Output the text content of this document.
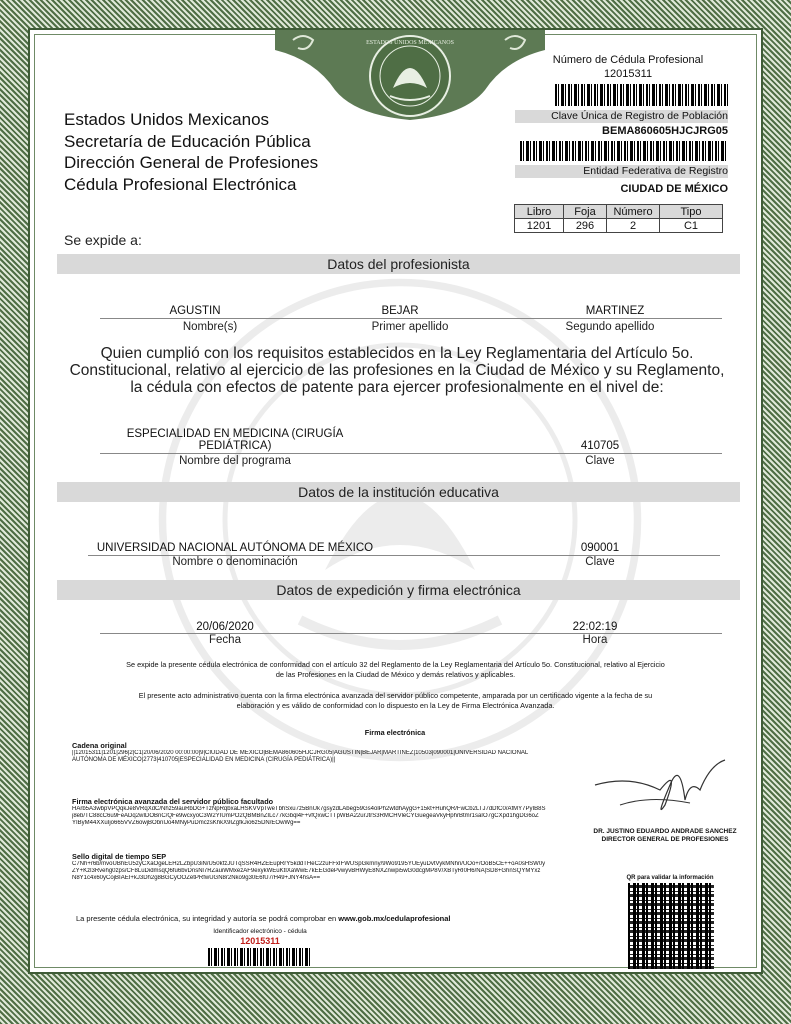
ESTADOS UNIDOS MEXICANOS
Estados Unidos Mexicanos
Secretaría de Educación Pública
Dirección General de Profesiones
Cédula Profesional Electrónica
Se expide a:
Número de Cédula Profesional
12015311
Clave Única de Registro de Población
BEMA860605HJCJRG05
Entidad Federativa de Registro
CIUDAD DE MÉXICO
Libro	Foja	Número	Tipo
1201	296	2	C1
Datos del profesionista
AGUSTIN	BEJAR	MARTINEZ
Nombre(s)	Primer apellido	Segundo apellido
Quien cumplió con los requisitos establecidos en la Ley Reglamentaria del Artículo 5o.
Constitucional, relativo al ejercicio de las profesiones en la Ciudad de México y su Reglamento,
la cédula con efectos de patente para ejercer profesionalmente en el nivel de:
ESPECIALIDAD EN MEDICINA (CIRUGÍA
PEDIÁTRICA)	410705
Nombre del programa	Clave
Datos de la institución educativa
UNIVERSIDAD NACIONAL AUTÓNOMA DE MÉXICO	090001
Nombre o denominación	Clave
Datos de expedición y firma electrónica
20/06/2020	22:02:19
Fecha	Hora
Se expide la presente cédula electrónica de conformidad con el artículo 32 del Reglamento de la Ley Reglamentaria del Artículo 5o. Constitucional, relativo al Ejercicio
de las Profesiones en la Ciudad de México y demás relativos y aplicables.
El presente acto administrativo cuenta con la firma electrónica avanzada del servidor público competente, amparada por un certificado vigente a la fecha de su
elaboración y es válido de conformidad con lo dispuesto en la Ley de Firma Electrónica Avanzada.
Firma electrónica
Cadena original
||12015311|1201|296|2|C1|20/06/2020 00:00:00|9|CIUDAD DE MÉXICO|BEMA860605HJCJRG05|AGUSTIN|BEJAR|MARTINEZ|10503|090001|UNIVERSIDAD NACIONAL
AUTÓNOMA DE MÉXICO|2773|410705|ESPECIALIDAD EN MEDICINA (CIRUGÍA PEDIÁTRICA)||
Firma electrónica avanzada del servidor público facultado
HArb5A3wbpVPQqkJe8VRqXdC/Nhz59auRbDG+TzNpRqbxaLHSKVVpTweTbhSxu7z5BnUk7gsyzdLAbeg59Gs4olPh2wtdhAygG+15kt+HuhQR/FwCb2LTJ7dDfC0/AfMY7PyIB8S
j8eb/TC88cC6u9FeADq2wIDOBnC/QFe9wcxyoC3W2YIUmPO2QBMBnZILc77kGbql4F+vfQxwCTTpWBA22urJtrS3RMCHVleCYGuegeaVkyHphrBtmr1saIO7gCXpd1hgDG6oZ
YIByM44XXuIjo665VVZ6owjBObnIJo4MNyPuDmczsKhkX9IZgfkJio6z5DN/EOwWg==
Sello digital de tiempo SEP
C7Nh+r6b/mvoUBhEU5zyCXaOgeLEH2LZbpU3iN/U50kfzJUTqSSR4HZEEupRrY5kddTHeC2zuFFxIFWUSpGkmny/9Wo9195YUEyuDvtVykMNhn/UOo+/OoB5CE++oA0sHSW0y
ZY+Kzl3Rvehg0zps/CF8LuDidmsqQ6fu6bvDnsNl7RZauiWMxezAF9exykWEuKtIXaWwE7kEEGdePvwyvBHWyE8NXZnwpi5wG0dcgMP8V/XBTyRI0H6/NA|SD8+GhnSQYMYxz
N8Y1c4x60yCojBIAEI+kJ3Dh2g8BGCyOOZetPRfwUGN8r2Nko9g30E6fU7/H49+JNY4hsA==
DR. JUSTINO EDUARDO ANDRADE SANCHEZ
DIRECTOR GENERAL DE PROFESIONES
QR para validar la información
La presente cédula electrónica, su integridad y autoría se podrá comprobar en www.gob.mx/cedulaprofesional
Identificador electrónico - cédula
12015311
